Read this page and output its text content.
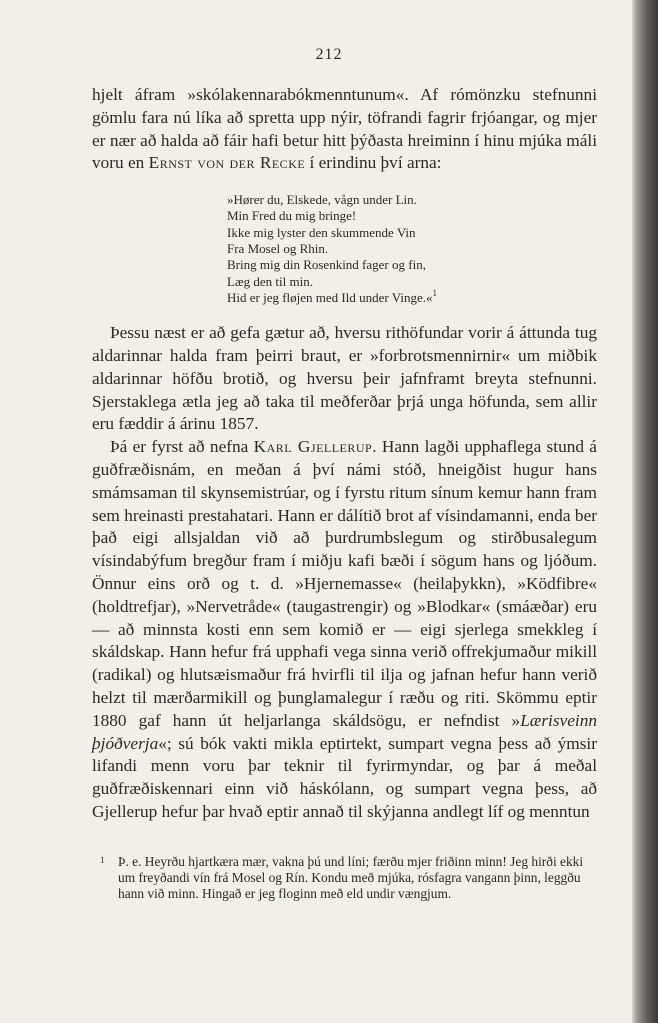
212

hjelt áfram »skólakennarabókmenntunum«. Af rómönzku stefnunni gömlu fara nú líka að spretta upp nýir, töfrandi fagrir frjóangar, og mjer er nær að halda að fáir hafi betur hitt þýðasta hreiminn í hinu mjúka máli voru en Ernst von der Recke í erindinu því arna:

»Hører du, Elskede, vågn under Lin.
Min Fred du mig bringe!
Ikke mig lyster den skummende Vin
Fra Mosel og Rhin.
Bring mig din Rosenkind fager og fin,
Læg den til min.
Hid er jeg fløjen med Ild under Vinge.«$^1$

Þessu næst er að gefa gætur að, hversu rithöfundar vorir á áttunda tug aldarinnar halda fram þeirri braut, er »forbrotsmennirnir« um miðbik aldarinnar höfðu brotið, og hversu þeir jafnframt breyta stefnunni. Sjerstaklega ætla jeg að taka til meðferðar þrjá unga höfunda, sem allir eru fæddir á árinu 1857.

Þá er fyrst að nefna Karl Gjellerup. Hann lagði upphaflega stund á guðfræðisnám, en meðan á því námi stóð, hneigðist hugur hans smámsaman til skynsemistrúar, og í fyrstu ritum sínum kemur hann fram sem hreinasti prestahatari. Hann er dálítið brot af vísindamanni, enda ber það eigi allsjaldan við að þurdrumbslegum og stirðbusalegum vísindabýfum bregður fram í miðju kafi bæði í sögum hans og ljóðum. Önnur eins orð og t. d. »Hjernemasse« (heilaþykkn), »Ködfibre« (holdtrefjar), »Nervetråde« (taugastrengir) og »Blodkar« (smáæðar) eru — að minnsta kosti enn sem komið er — eigi sjerlega smekkleg í skáldskap. Hann hefur frá upphafi vega sinna verið offrekjumaður mikill (radikal) og hlutsæismaður frá hvirfli til ilja og jafnan hefur hann verið helzt til mærðarmikill og þunglamalegur í ræðu og riti. Skömmu eptir 1880 gaf hann út heljarlanga skáldsögu, er nefndist »Lærisveinn þjóðverja«; sú bók vakti mikla eptirtekt, sumpart vegna þess að ýmsir lifandi menn voru þar teknir til fyrirmyndar, og þar á meðal guðfræðiskennari einn við háskólann, og sumpart vegna þess, að Gjellerup hefur þar hvað eptir annað til skýjanna andlegt líf og menntun

1 Þ. e. Heyrðu hjartkæra mær, vakna þú und líni; færðu mjer friðinn minn! Jeg hirði ekki um freyðandi vín frá Mosel og Rín. Kondu með mjúka, rósfagra vangann þinn, leggðu hann við minn. Hingað er jeg floginn með eld undir vængjum.
